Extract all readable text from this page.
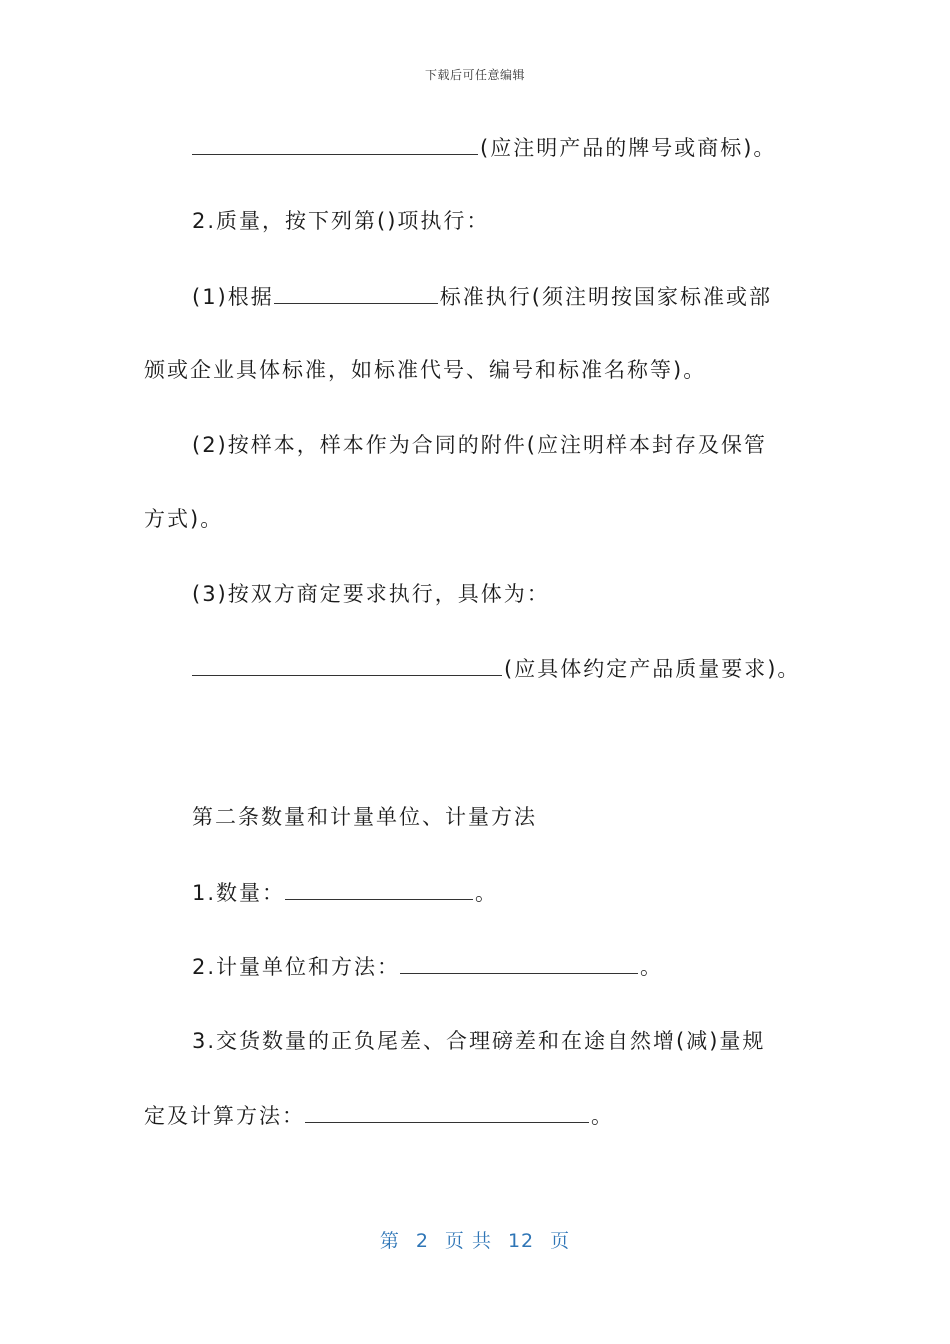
下载后可任意编辑
(应注明产品的牌号或商标)。
2.质量，按下列第()项执行：
(1)根据	标准执行(须注明按国家标准或部
颁或企业具体标准，如标准代号、编号和标准名称等)。
(2)按样本，样本作为合同的附件(应注明样本封存及保管
方式)。
(3)按双方商定要求执行，具体为：
(应具体约定产品质量要求)。
第二条数量和计量单位、计量方法
1.数量：	。
2.计量单位和方法：	。
3.交货数量的正负尾差、合理磅差和在途自然增(减)量规
定及计算方法：	。
第 2 页 共 12 页
